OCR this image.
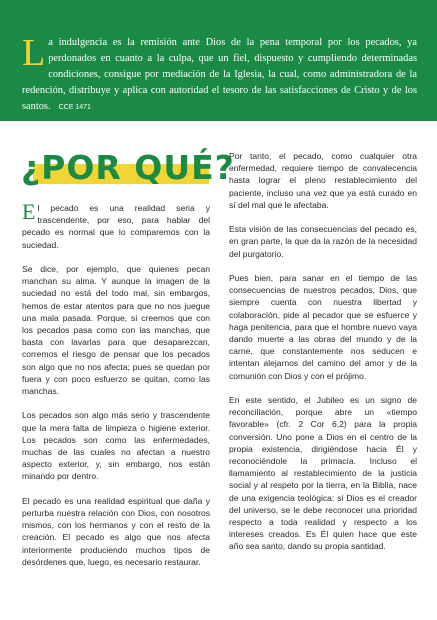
La indulgencia es la remisión ante Dios de la pena temporal por los pecados, ya perdonados en cuanto a la culpa, que un fiel, dispuesto y cumpliendo determinadas condiciones, consigue por mediación de la Iglesia, la cual, como administradora de la redención, distribuye y aplica con autoridad el tesoro de las satisfacciones de Cristo y de los santos. CCE 1471

¿POR QUÉ?

El pecado es una realidad seria y trascendente, por eso, para hablar del pecado es normal que lo comparemos con la suciedad.

Se dice, por ejemplo, que quienes pecan manchan su alma. Y aunque la imagen de la suciedad no está del todo mal, sin embargos, hemos de estar atentos para que no nos juegue una mala pasada. Porque, si creemos que con los pecados pasa como con las manchas, que basta con lavarlas para que desaparezcan, corremos el riesgo de pensar que los pecados son algo que no nos afecta; pues se quedan por fuera y con poco esfuerzo se quitan, como las manchas.

Los pecados son algo más serio y trascendente que la mera falta de limpieza o higiene exterior. Los pecados son como las enfermedades, muchas de las cuales no afectan a nuestro aspecto exterior, y, sin embargo, nos están minando por dentro.

El pecado es una realidad espiritual que daña y perturba nuestra relación con Dios, con nosotros mismos, con los hermanos y con el resto de la creación. El pecado es algo que nos afecta interiormente produciendo muchos tipos de desórdenes que, luego, es necesario restaurar.

Por tanto, el pecado, como cualquier otra enfermedad, requiere tiempo de convalecencia hasta lograr el pleno restablecimiento del paciente, incluso una vez que ya está curado en sí del mal que le afectaba.

Esta visión de las consecuencias del pecado es, en gran parte, la que da la razón de la necesidad del purgatorio.

Pues bien, para sanar en el tiempo de las consecuencias de nuestros pecados, Dios, que siempre cuenta con nuestra libertad y colaboración, pide al pecador que se esfuerce y haga penitencia, para que el hombre nuevo vaya dando muerte a las obras del mundo y de la carne, que constantemente nos seducen e intentan alejarnos del camino del amor y de la comunión con Dios y con el prójimo.

En este sentido, el Jubileo es un signo de reconciliación, porque abre un «tiempo favorable» (cfr. 2 Cor 6,2) para la propia conversión. Uno pone a Dios en el centro de la propia existencia, dirigiéndose hacia Él y reconociéndole la primacía. Incluso el llamamiento al restablecimiento de la justicia social y al respeto por la tierra, en la Biblia, nace de una exigencia teológica: si Dios es el creador del universo, se le debe reconocer una prioridad respecto a toda realidad y respecto a los intereses creados. Es Él quien hace que este año sea santo, dando su propia santidad.
